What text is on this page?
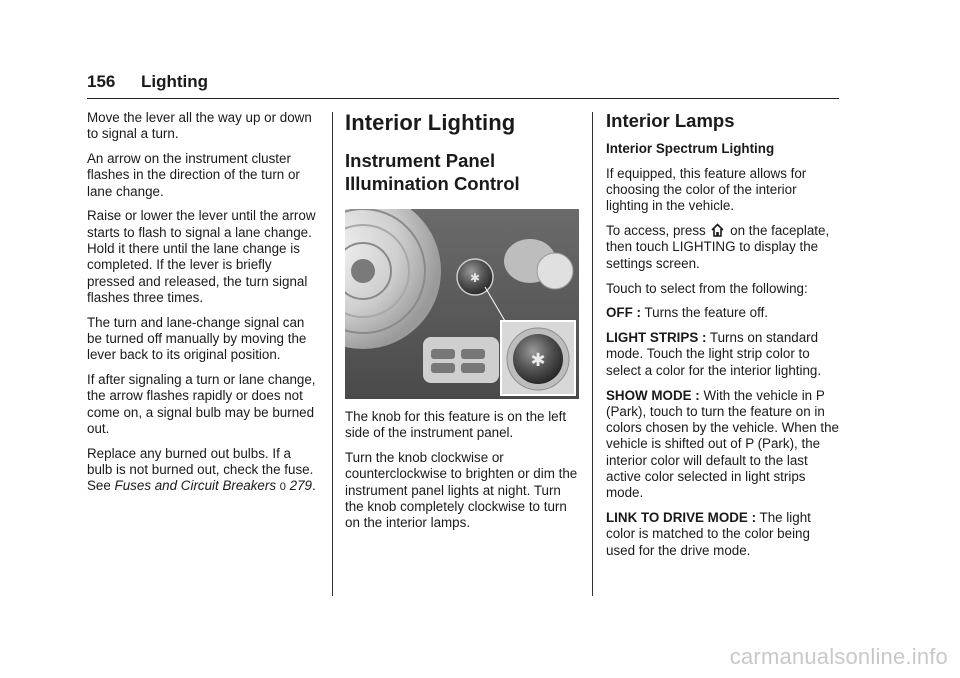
156 Lighting

Move the lever all the way up or down to signal a turn.

An arrow on the instrument cluster flashes in the direction of the turn or lane change.

Raise or lower the lever until the arrow starts to flash to signal a lane change. Hold it there until the lane change is completed. If the lever is briefly pressed and released, the turn signal flashes three times.

The turn and lane-change signal can be turned off manually by moving the lever back to its original position.

If after signaling a turn or lane change, the arrow flashes rapidly or does not come on, a signal bulb may be burned out.

Replace any burned out bulbs. If a bulb is not burned out, check the fuse. See Fuses and Circuit Breakers 0 279.

Interior Lighting
Instrument Panel Illumination Control
✱
✱

The knob for this feature is on the left side of the instrument panel.

Turn the knob clockwise or counterclockwise to brighten or dim the instrument panel lights at night. Turn the knob completely clockwise to turn on the interior lamps.

Interior Lamps

Interior Spectrum Lighting

If equipped, this feature allows for choosing the color of the interior lighting in the vehicle.

To access, press  on the faceplate, then touch LIGHTING to display the settings screen.

Touch to select from the following:

OFF : Turns the feature off.

LIGHT STRIPS : Turns on standard mode. Touch the light strip color to select a color for the interior lighting.

SHOW MODE : With the vehicle in P (Park), touch to turn the feature on in colors chosen by the vehicle. When the vehicle is shifted out of P (Park), the interior color will default to the last active color selected in light strips mode.

LINK TO DRIVE MODE : The light color is matched to the color being used for the drive mode.

carmanualsonline.info
